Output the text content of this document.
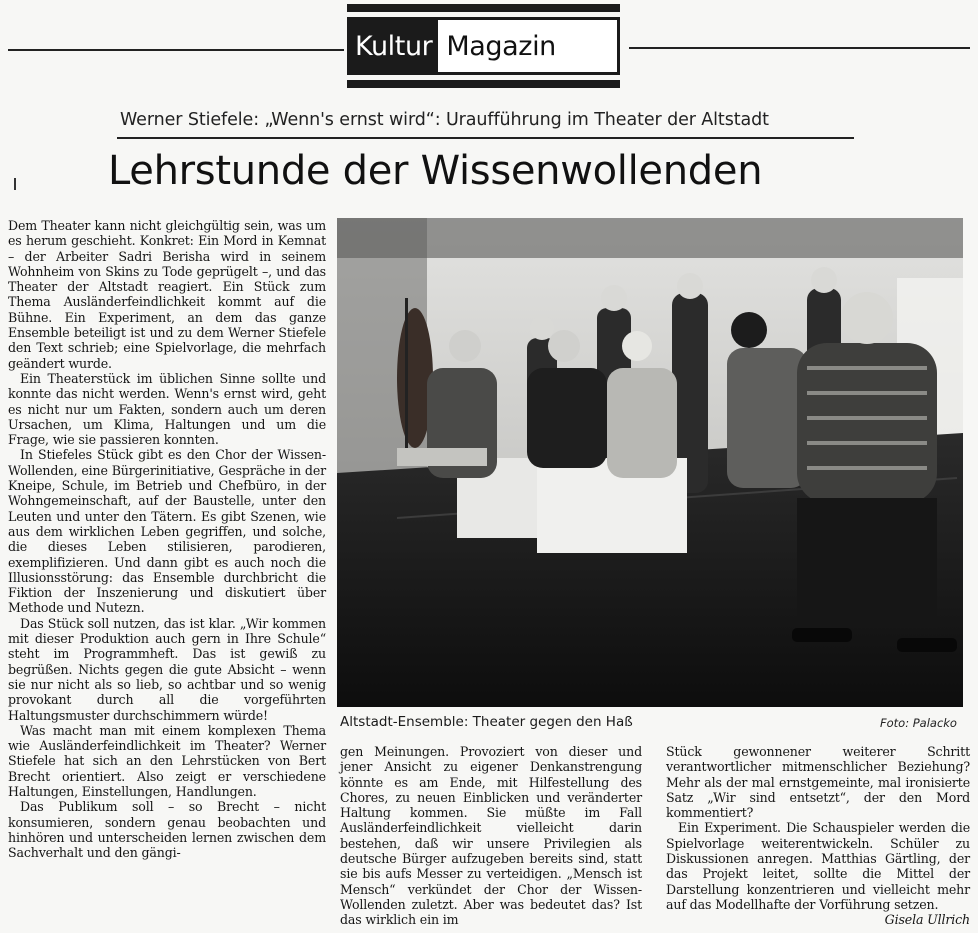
Kultur Magazin
Werner Stiefele: „Wenn's ernst wird“: Uraufführung im Theater der Altstadt
Lehrstunde der Wissenwollenden

Dem Theater kann nicht gleichgültig sein, was um es herum geschieht. Konkret: Ein Mord in Kemnat – der Arbeiter Sadri Berisha wird in seinem Wohnheim von Skins zu Tode geprügelt –, und das Theater der Altstadt reagiert. Ein Stück zum Thema Ausländerfeindlichkeit kommt auf die Bühne. Ein Experiment, an dem das ganze Ensemble beteiligt ist und zu dem Werner Stiefele den Text schrieb; eine Spielvorlage, die mehrfach geändert wurde.

Ein Theaterstück im üblichen Sinne sollte und konnte das nicht werden. Wenn's ernst wird, geht es nicht nur um Fakten, sondern auch um deren Ursachen, um Klima, Haltungen und um die Frage, wie sie passieren konnten.

In Stiefeles Stück gibt es den Chor der Wissen-Wollenden, eine Bürgerinitiative, Gespräche in der Kneipe, Schule, im Betrieb und Chefbüro, in der Wohngemeinschaft, auf der Baustelle, unter den Leuten und unter den Tätern. Es gibt Szenen, wie aus dem wirklichen Leben gegriffen, und solche, die dieses Leben stilisieren, parodieren, exemplifizieren. Und dann gibt es auch noch die Illusionsstörung: das Ensemble durchbricht die Fiktion der Inszenierung und diskutiert über Methode und Nutezn.

Das Stück soll nutzen, das ist klar. „Wir kommen mit dieser Produktion auch gern in Ihre Schule“ steht im Programmheft. Das ist gewiß zu begrüßen. Nichts gegen die gute Absicht – wenn sie nur nicht als so lieb, so achtbar und so wenig provokant durch all die vorgeführten Haltungsmuster durchschimmern würde!

Was macht man mit einem komplexen Thema wie Ausländerfeindlichkeit im Theater? Werner Stiefele hat sich an den Lehrstücken von Bert Brecht orientiert. Also zeigt er verschiedene Haltungen, Einstellungen, Handlungen.

Das Publikum soll – so Brecht – nicht konsumieren, sondern genau beobachten und hinhören und unterscheiden lernen zwischen dem Sachverhalt und den gängi-

Altstadt-Ensemble: Theater gegen den Haß	Foto: Palacko

gen Meinungen. Provoziert von dieser und jener Ansicht zu eigener Denkanstrengung könnte es am Ende, mit Hilfestellung des Chores, zu neuen Einblicken und veränderter Haltung kommen. Sie müßte im Fall Ausländerfeindlichkeit vielleicht darin bestehen, daß wir unsere Privilegien als deutsche Bürger aufzugeben bereits sind, statt sie bis aufs Messer zu verteidigen. „Mensch ist Mensch“ verkündet der Chor der Wissen-Wollenden zuletzt. Aber was bedeutet das? Ist das wirklich ein im

Stück gewonnener weiterer Schritt verantwortlicher mitmenschlicher Beziehung? Mehr als der mal ernstgemeinte, mal ironisierte Satz „Wir sind entsetzt“, der den Mord kommentiert?

Ein Experiment. Die Schauspieler werden die Spielvorlage weiterentwickeln. Schüler zu Diskussionen anregen. Matthias Gärtling, der das Projekt leitet, sollte die Mittel der Darstellung konzentrieren und vielleicht mehr auf das Modellhafte der Vorführung setzen.

Gisela Ullrich
